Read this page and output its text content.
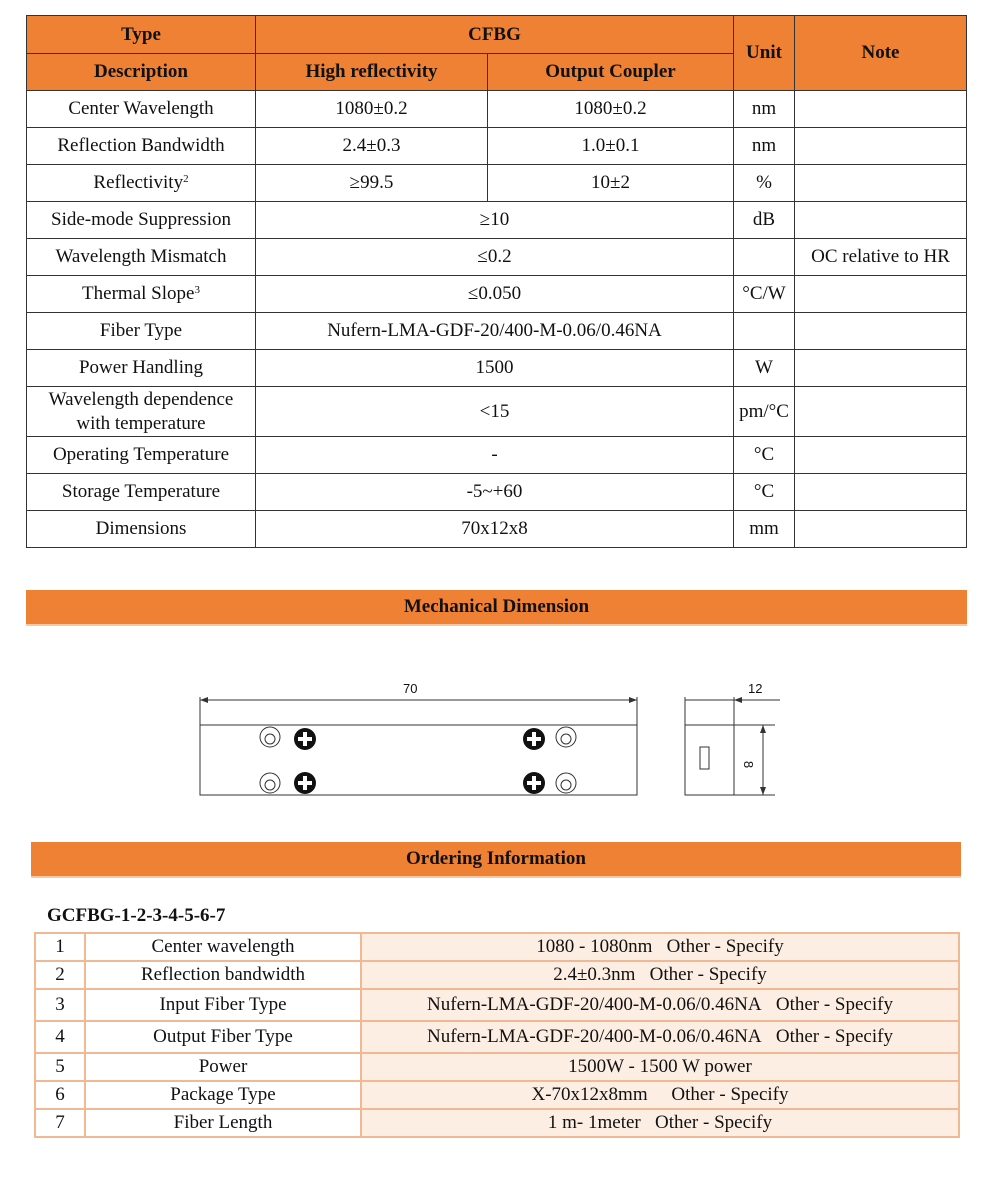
Type	CFBG		Unit	Note
Description	High reflectivity	Output Coupler		
Center Wavelength	1080±0.2	1080±0.2	nm	
Reflection Bandwidth	2.4±0.3	1.0±0.1	nm	
Reflectivity$^2$	≥99.5	10±2	%	
Side-mode Suppression	≥10		dB	
Wavelength Mismatch	≤0.2			OC relative to HR
Thermal Slope$^3$	≤0.050		°C/W	
Fiber Type	Nufern-LMA-GDF-20/400-M-0.06/0.46NA			
Power Handling	1500		W	
Wavelength dependence with temperature	<15		pm/°C	
Operating Temperature	-		°C	
Storage Temperature	-5~+60		°C	
Dimensions	70x12x8		mm	
Mechanical Dimension
70	12
8
Ordering Information
GCFBG-1-2-3-4-5-6-7
1	Center wavelength	1080 - 1080nm Other - Specify
2	Reflection bandwidth	2.4±0.3nm Other - Specify
3	Input Fiber Type	Nufern-LMA-GDF-20/400-M-0.06/0.46NA Other - Specify
4	Output Fiber Type	Nufern-LMA-GDF-20/400-M-0.06/0.46NA Other - Specify
5	Power	1500W - 1500 W power
6	Package Type	X-70x12x8mm Other - Specify
7	Fiber Length	1 m- 1meter Other - Specify
